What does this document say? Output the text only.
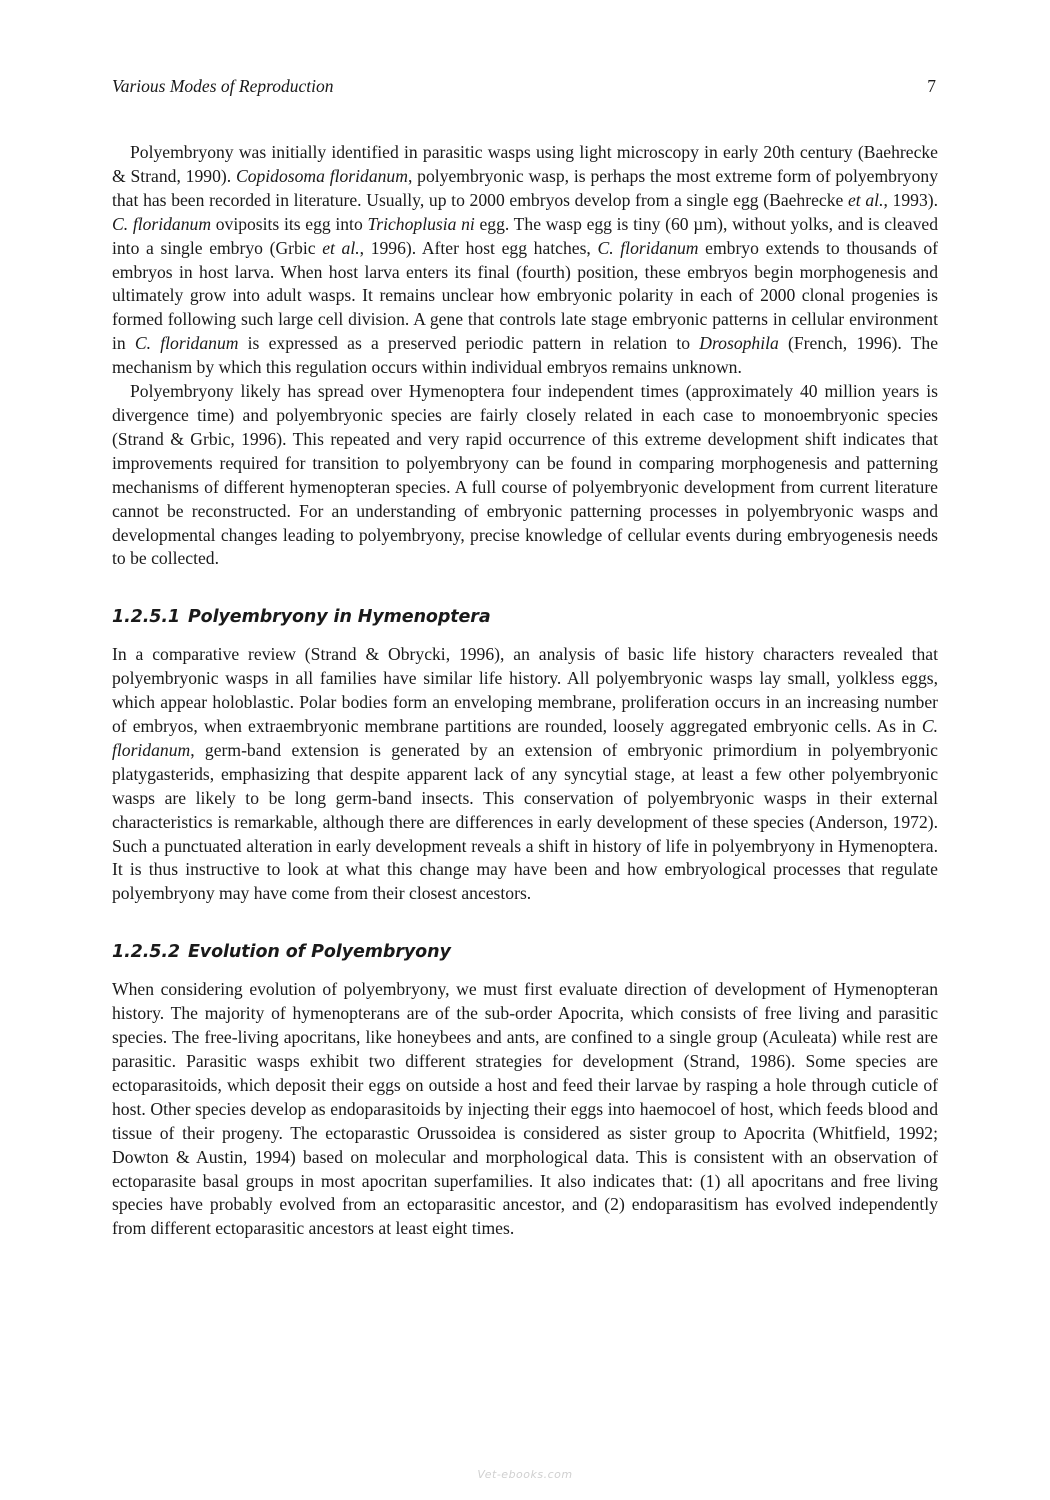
Various Modes of Reproduction	7

Polyembryony was initially identified in parasitic wasps using light microscopy in early 20th century (Baehrecke & Strand, 1990). Copidosoma floridanum, polyembryonic wasp, is perhaps the most extreme form of polyembryony that has been recorded in literature. Usually, up to 2000 embryos develop from a single egg (Baehrecke et al., 1993). C. floridanum oviposits its egg into Trichoplusia ni egg. The wasp egg is tiny (60 µm), without yolks, and is cleaved into a single embryo (Grbic et al., 1996). After host egg hatches, C. floridanum embryo extends to thousands of embryos in host larva. When host larva enters its final (fourth) position, these embryos begin morphogenesis and ultimately grow into adult wasps. It remains unclear how embryonic polarity in each of 2000 clonal progenies is formed following such large cell division. A gene that controls late stage embryonic patterns in cellular environment in C. floridanum is expressed as a preserved periodic pattern in relation to Drosophila (French, 1996). The mechanism by which this regulation occurs within individual embryos remains unknown.

Polyembryony likely has spread over Hymenoptera four independent times (approximately 40 million years is divergence time) and polyembryonic species are fairly closely related in each case to monoembryonic species (Strand & Grbic, 1996). This repeated and very rapid occurrence of this extreme development shift indicates that improvements required for transition to polyembryony can be found in comparing morphogenesis and patterning mechanisms of different hymenopteran species. A full course of polyembryonic development from current literature cannot be reconstructed. For an understanding of embryonic patterning processes in polyembryonic wasps and developmental changes leading to polyembryony, precise knowledge of cellular events during embryogenesis needs to be collected.

1.2.5.1 Polyembryony in Hymenoptera

In a comparative review (Strand & Obrycki, 1996), an analysis of basic life history characters revealed that polyembryonic wasps in all families have similar life history. All polyembryonic wasps lay small, yolkless eggs, which appear holoblastic. Polar bodies form an enveloping membrane, proliferation occurs in an increasing number of embryos, when extraembryonic membrane partitions are rounded, loosely aggregated embryonic cells. As in C. floridanum, germ-band extension is generated by an extension of embryonic primordium in polyembryonic platygasterids, emphasizing that despite apparent lack of any syncytial stage, at least a few other polyembryonic wasps are likely to be long germ-band insects. This conservation of polyembryonic wasps in their external characteristics is remarkable, although there are differences in early development of these species (Anderson, 1972). Such a punctuated alteration in early development reveals a shift in history of life in polyembryony in Hymenoptera. It is thus instructive to look at what this change may have been and how embryological processes that regulate polyembryony may have come from their closest ancestors.

1.2.5.2 Evolution of Polyembryony

When considering evolution of polyembryony, we must first evaluate direction of development of Hymenopteran history. The majority of hymenopterans are of the sub-order Apocrita, which consists of free living and parasitic species. The free-living apocritans, like honeybees and ants, are confined to a single group (Aculeata) while rest are parasitic. Parasitic wasps exhibit two different strategies for development (Strand, 1986). Some species are ectoparasitoids, which deposit their eggs on outside a host and feed their larvae by rasping a hole through cuticle of host. Other species develop as endoparasitoids by injecting their eggs into haemocoel of host, which feeds blood and tissue of their progeny. The ectoparastic Orussoidea is considered as sister group to Apocrita (Whitfield, 1992; Dowton & Austin, 1994) based on molecular and morphological data. This is consistent with an observation of ectoparasite basal groups in most apocritan superfamilies. It also indicates that: (1) all apocritans and free living species have probably evolved from an ectoparasitic ancestor, and (2) endoparasitism has evolved independently from different ectoparasitic ancestors at least eight times.

Vet-ebooks.com
